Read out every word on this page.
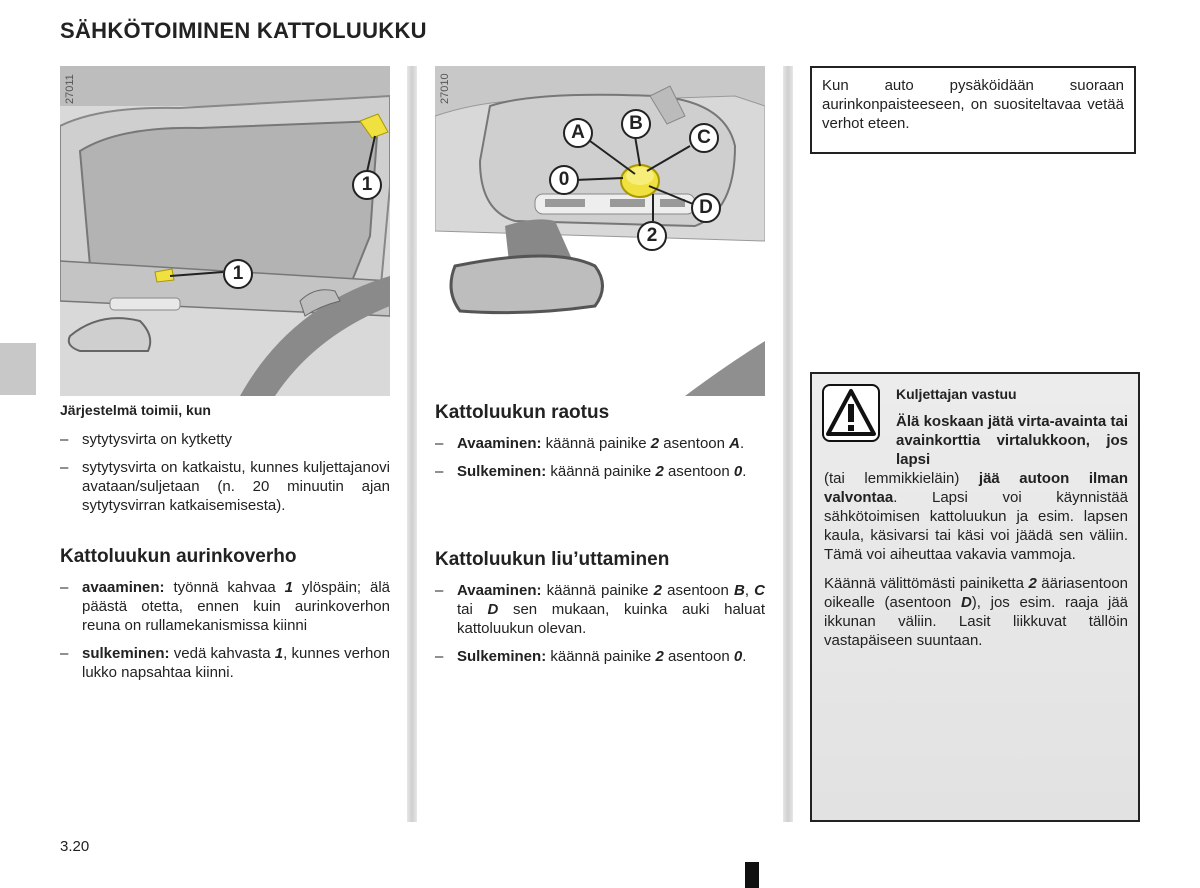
SÄHKÖTOIMINEN KATTOLUUKKU
27011
1
1
27010
A	B
C
0
D
2
Järjestelmä toimii, kun
– sytytysvirta on kytketty
– sytytysvirta on katkaistu, kunnes kuljettajanovi avataan/suljetaan (n. 20 minuutin ajan sytytysvirran katkaisemisesta).
Kattoluukun aurinkoverho
– avaaminen: työnnä kahvaa 1 ylöspäin; älä päästä otetta, ennen kuin aurinkoverhon reuna on rullamekanismissa kiinni
– sulkeminen: vedä kahvasta 1, kunnes verhon lukko napsahtaa kiinni.
Kattoluukun raotus
– Avaaminen: käännä painike 2 asentoon A.
– Sulkeminen: käännä painike 2 asentoon 0.
Kattoluukun liu’uttaminen
– Avaaminen: käännä painike 2 asentoon B, C tai D sen mukaan, kuinka auki haluat kattoluukun olevan.
– Sulkeminen: käännä painike 2 asentoon 0.
Kun auto pysäköidään suoraan aurinkonpaisteeseen, on suositeltavaa vetää verhot eteen.
Kuljettajan vastuu
Älä koskaan jätä virta-avainta tai avainkorttia virtalukkoon, jos lapsi
(tai lemmikkieläin) jää autoon ilman valvontaa. Lapsi voi käynnistää sähkötoimisen kattoluukun ja esim. lapsen kaula, käsivarsi tai käsi voi jäädä sen väliin. Tämä voi aiheuttaa vakavia vammoja.
Käännä välittömästi painiketta 2 ääriasentoon oikealle (asentoon D), jos esim. raaja jää ikkunan väliin. Lasit liikkuvat tällöin vastapäiseen suuntaan.
3.20
